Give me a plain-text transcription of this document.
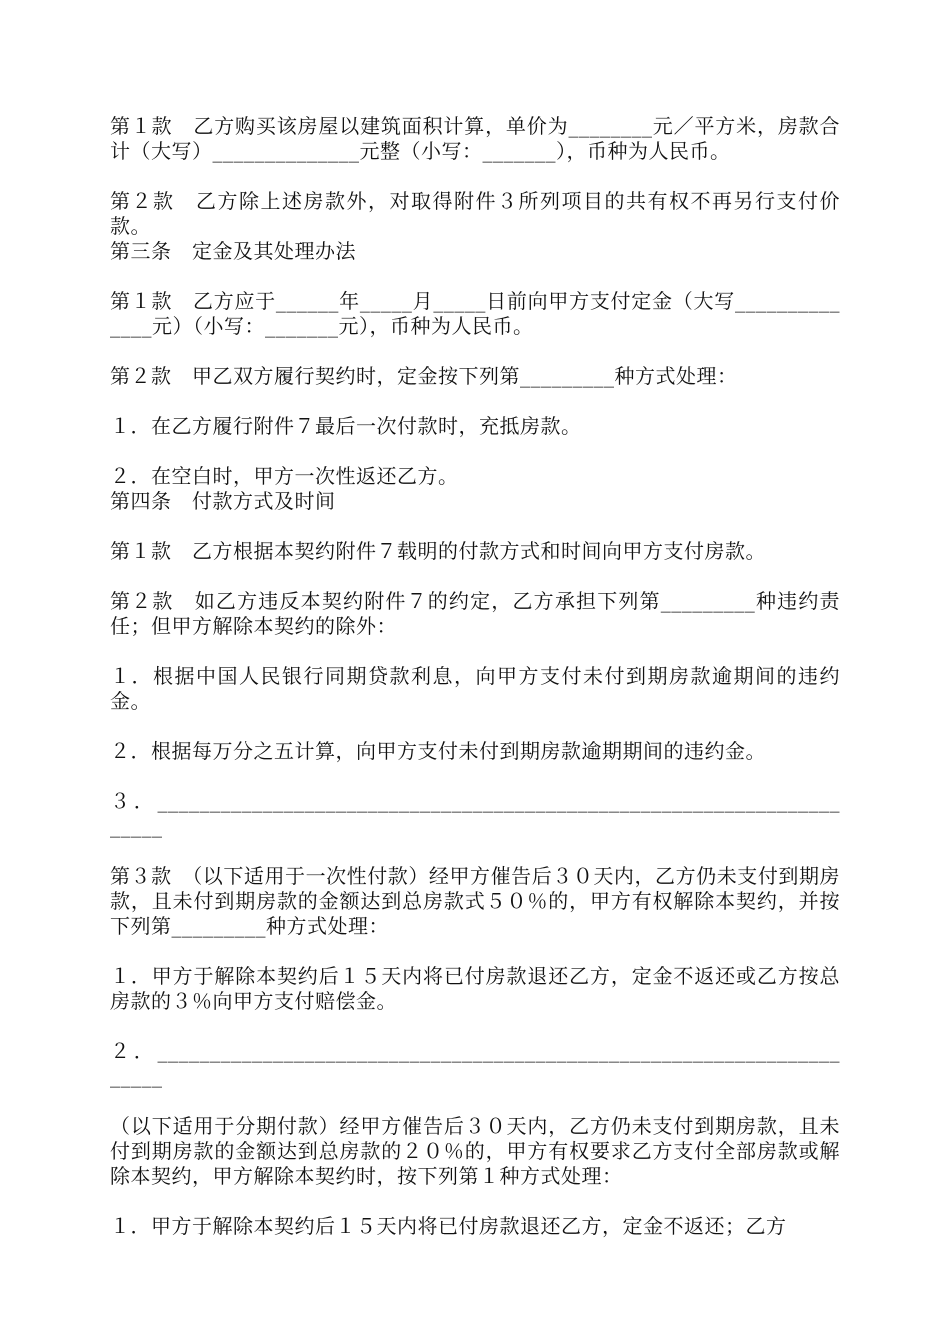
第１款　乙方购买该房屋以建筑面积计算，单价为________元／平方米，房款合计（大写）______________元整（小写：_______），币种为人民币。

第２款　乙方除上述房款外，对取得附件３所列项目的共有权不再另行支付价款。

第三条　定金及其处理办法

第１款　乙方应于______年_____月_____日前向甲方支付定金（大写______________元）（小写：_______元），币种为人民币。

第２款　甲乙双方履行契约时，定金按下列第_________种方式处理：

１．在乙方履行附件７最后一次付款时，充抵房款。

２．在空白时，甲方一次性返还乙方。

第四条　付款方式及时间

第１款　乙方根据本契约附件７载明的付款方式和时间向甲方支付房款。

第２款　如乙方违反本契约附件７的约定，乙方承担下列第_________种违约责任；但甲方解除本契约的除外：

１．根据中国人民银行同期贷款利息，向甲方支付未付到期房款逾期间的违约金。

２．根据每万分之五计算，向甲方支付未付到期房款逾期期间的违约金。

３．______________________________________________________________________

第３款　（以下适用于一次性付款）经甲方催告后３０天内，乙方仍未支付到期房款，且未付到期房款的金额达到总房款式５０％的，甲方有权解除本契约，并按下列第_________种方式处理：

１．甲方于解除本契约后１５天内将已付房款退还乙方，定金不返还或乙方按总房款的３％向甲方支付赔偿金。

２．______________________________________________________________________

（以下适用于分期付款）经甲方催告后３０天内，乙方仍未支付到期房款，且未付到期房款的金额达到总房款的２０％的，甲方有权要求乙方支付全部房款或解除本契约，甲方解除本契约时，按下列第１种方式处理：

１．甲方于解除本契约后１５天内将已付房款退还乙方，定金不返还；乙方
